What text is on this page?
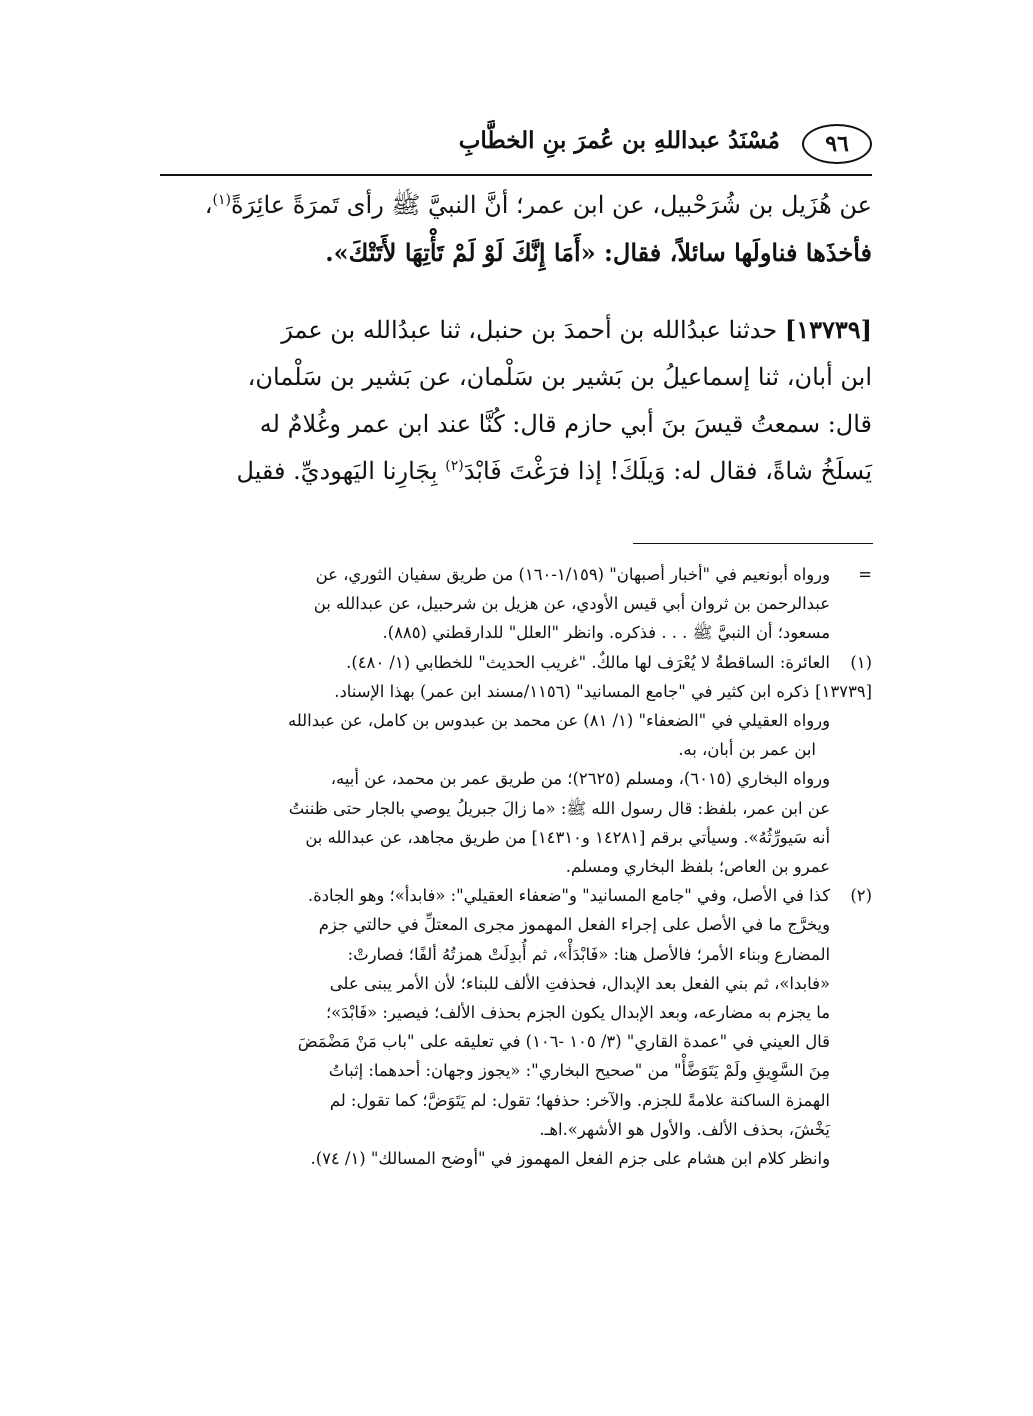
٩٦
مُسْنَدُ عبداللهِ بن عُمرَ بنِ الخطَّابِ

عن هُزَيل بن شُرَحْبيل، عن ابن عمر؛ أنَّ النبيَّ ﷺ رأى تَمرَةً عائِرَةً$^{(١)}$،

فأخذَها فناولَها سائلاً، فقال: «أَمَا إِنَّكَ لَوْ لَمْ تَأْتِهَا لأَتَتْكَ».

[١٣٧٣٩] حدثنا عبدُالله بن أحمدَ بن حنبل، ثنا عبدُالله بن عمرَ

ابن أبان، ثنا إسماعيلُ بن بَشير بن سَلْمان، عن بَشير بن سَلْمان،

قال: سمعتُ قيسَ بنَ أبي حازم قال: كُنَّا عند ابن عمر وغُلامٌ له

يَسلَخُ شاةً، فقال له: وَيلَكَ! إذا فرَغْتَ فَابْدَ$^{(٢)}$ بِجَارِنا اليَهوديِّ. فقيل

=
ورواه أبونعيم في "أخبار أصبهان" (١/١٥٩-١٦٠) من طريق سفيان الثوري، عن
عبدالرحمن بن ثروان أبي قيس الأودي، عن هزيل بن شرحبيل، عن عبدالله بن
مسعود؛ أن النبيَّ ﷺ . . . فذكره. وانظر "العلل" للدارقطني (٨٨٥).
(١)
العائرة: الساقطةُ لا يُعْرَف لها مالكٌ. "غريب الحديث" للخطابي (١/ ٤٨٠).
[١٣٧٣٩]
ذكره ابن كثير في "جامع المسانيد" (١١٥٦/مسند ابن عمر) بهذا الإسناد.
ورواه العقيلي في "الضعفاء" (١/ ٨١) عن محمد بن عبدوس بن كامل، عن عبدالله
ابن عمر بن أبان، به.
ورواه البخاري (٦٠١٥)، ومسلم (٢٦٢٥)؛ من طريق عمر بن محمد، عن أبيه،
عن ابن عمر، بلفظ: قال رسول الله ﷺ: «ما زالَ جبريلُ يوصي بالجار حتى ظننتُ
أنه سَيورِّثُهُ». وسيأتي برقم [١٤٢٨١ و١٤٣١٠] من طريق مجاهد، عن عبدالله بن
عمرو بن العاص؛ بلفظ البخاري ومسلم.
(٢)
كذا في الأصل، وفي "جامع المسانيد" و"ضعفاء العقيلي": «فابدأ»؛ وهو الجادة.
ويخرَّج ما في الأصل على إجراء الفعل المهموز مجرى المعتلِّ في حالتي جزم
المضارع وبناء الأمر؛ فالأصل هنا: «فَابْدَأْ»، ثم أُبدِلَتْ همزتُهُ ألفًا؛ فصارتْ:
«فابدا»، ثم بني الفعل بعد الإبدال، فحذفتِ الألف للبناء؛ لأن الأمر يبنى على
ما يجزم به مضارعه، وبعد الإبدال يكون الجزم بحذف الألف؛ فيصير: «فَابْدَ»؛
قال العيني في "عمدة القاري" (٣/ ١٠٥ -١٠٦) في تعليقه على "باب مَنْ مَضْمَضَ
مِنَ السَّوِيقِ ولَمْ يَتَوَضَّأْ" من "صحيح البخاري": «يجوز وجهان: أحدهما: إثباتُ
الهمزة الساكنة علامةً للجزم. والآخر: حذفها؛ تقول: لم يَتَوَضَّ؛ كما تقول: لم
يَخْشَ، بحذف الألف. والأول هو الأشهر».اهـ.
وانظر كلام ابن هشام على جزم الفعل المهموز في "أوضح المسالك" (١/ ٧٤).
